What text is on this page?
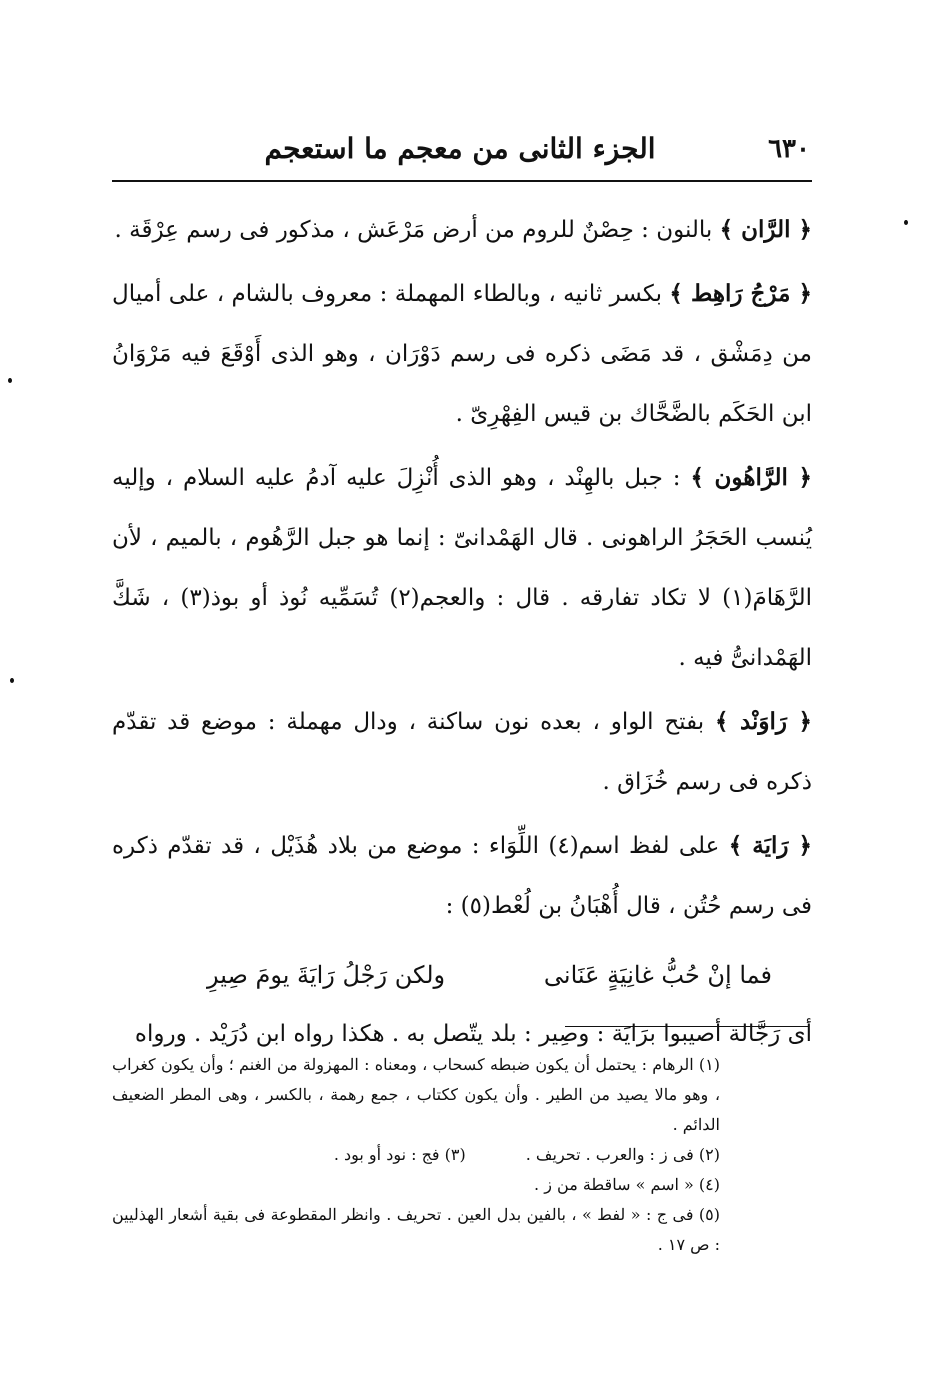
٦٣٠
الجزء الثانى من معجم ما استعجم

﴿ الرَّان ﴾ بالنون : حِصْنٌ للروم من أرض مَرْعَش ، مذكور فى رسم عِرْقَة .

﴿ مَرْجُ رَاهِط ﴾ بكسر ثانيه ، وبالطاء المهملة : معروف بالشام ، على أميال من دِمَشْق ، قد مَضَى ذكره فى رسم دَوْرَان ، وهو الذى أَوْقَعَ فيه مَرْوَانُ ابن الحَكَم بالضَّحَّاك بن قيس الفِهْرِىّ .

﴿ الرَّاهُون ﴾ : جبل بالهِنْد ، وهو الذى أُنْزِلَ عليه آدمُ عليه السلام ، وإليه يُنسب الحَجَرُ الراهونى . قال الهَمْدانىّ : إنما هو جبل الرَّهُوم ، بالميم ، لأن الرَّهَامَ(١) لا تكاد تفارقه . قال : والعجم(٢) تُسَمِّيه نُوذ أو بوذ(٣) ، شَكَّ الهَمْدانىُّ فيه .

﴿ رَاوَنْد ﴾ بفتح الواو ، بعده نون ساكنة ، ودال مهملة : موضع قد تقدّم ذكره فى رسم خُزَاق .

﴿ رَايَة ﴾ على لفظ اسم(٤) اللِّوَاء : موضع من بلاد هُذَيْل ، قد تقدّم ذكره فى رسم حُتُن ، قال أُهْبَانُ بن لُعْط(٥) :

فما إنْ حُبُّ غانِيَةٍ عَنَانى
ولكن رَجْلُ رَايَةَ يومَ صِيرِ

أى رَجَّالة أصيبوا برَايَة : وصِير : بلد يتّصل به . هكذا رواه ابن دُرَيْد . ورواه

(١) الرهام : يحتمل أن يكون ضبطه كسحاب ، ومعناه : المهزولة من الغنم ؛ وأن يكون كغراب ، وهو مالا يصيد من الطير . وأن يكون ككتاب ، جمع رهمة ، بالكسر ، وهى المطر الضعيف الدائم .

(٢) فى ز : والعرب . تحريف .
(٣) فج : نود أو بود .

(٤) « اسم » ساقطة من ز .

(٥) فى ج : « لفط » ، بالفين بدل العين . تحريف . وانظر المقطوعة فى بقية أشعار الهذليين : ص ١٧ .
